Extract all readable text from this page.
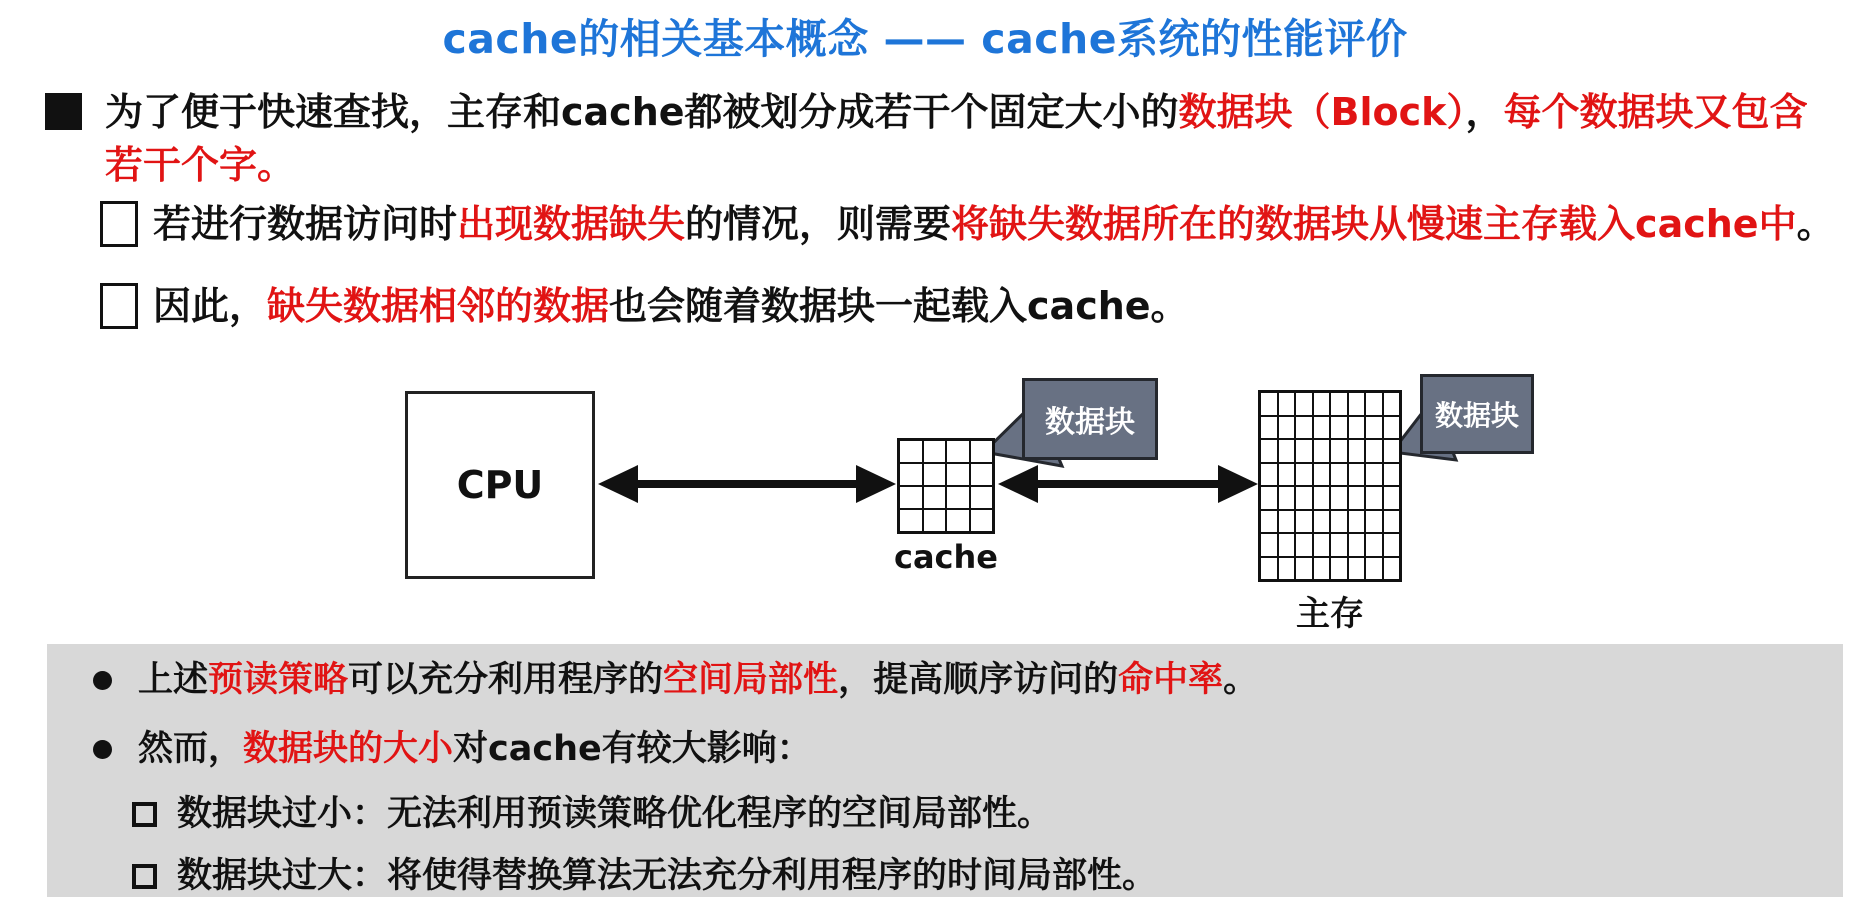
cache的相关基本概念 —— cache系统的性能评价
为了便于快速查找，主存和cache都被划分成若干个固定大小的数据块（Block），每个数据块又包含
若干个字。
若进行数据访问时出现数据缺失的情况，则需要将缺失数据所在的数据块从慢速主存载入cache中。
因此，缺失数据相邻的数据也会随着数据块一起载入cache。
CPU
cache
主存
数据块	数据块
上述预读策略可以充分利用程序的空间局部性，提高顺序访问的命中率。
然而，数据块的大小对cache有较大影响：
数据块过小：无法利用预读策略优化程序的空间局部性。
数据块过大：将使得替换算法无法充分利用程序的时间局部性。
